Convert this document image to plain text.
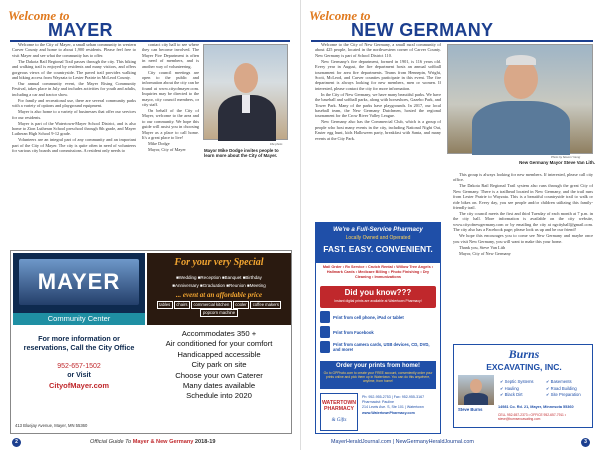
Welcome to
MAYER

Welcome to the City of Mayer, a small urban community in western Carver County and home to about 1,900 residents. Please feel free to visit Mayer and see what the community has to offer.

The Dakota Rail Regional Trail passes through the city. This biking and walking trail is enjoyed by residents and many visitors, and offers gorgeous views of the countryside. The paved trail provides walking and biking access from Wayzata to Lester Prairie in McLeod County.

Our annual community event, the Mayer Rising Community Festival, takes place in July and includes activities for youth and adults, including a car and tractor show.

For family and recreational use, there are several community parks with a variety of options and playground equipment.

Mayer is also home to a variety of businesses that offer our services for our residents.

Mayer is part of the Watertown-Mayer School District, and is also home to Zion Lutheran School preschool through 8th grade, and Mayer Lutheran High School 9-12 grade.

Volunteers are an integral part of any community and an important part of the City of Mayer. The city is quite often in need of volunteers for various city boards and commissions. A resident only needs to

contact city hall to see where they can become involved. The Mayer Fire Department is often in need of members, and is another way of volunteering.

City council meetings are open to the public and information about the city can be found at www.cityofmayer.com. Inquiries may be directed to the mayor, city council members, or city staff.

On behalf of the City of Mayer, welcome to the area and to our community. We hope this guide will assist you in choosing Mayer as a place to call home. It's a great place to live!

Mike Dodge

Mayor, City of Mayer

File photo
Mayor Mike Dodge invites people to learn more about the City of Mayer.
MAYER
Community Center
For more information or reservations, Call the City Office
952-657-1502
or Visit
CityofMayer.com
413 Bluejay Avenue, Mayer, MN 55360
For your very Special
■Wedding ■Reception ■Banquet ■Birthday
■Anniversary ■Graduation ■Reunion ■Meeting
... event at an affordable price
tables chairs commercial kitchen cooler coffee makerspopcorn machine
Accommodates 350 +
Air conditioned for your comfort
Handicapped accessible
City park on site
Choose your own Caterer
Many dates available
Schedule into 2020
2	Official Guide To Mayer & New Germany 2018-19
Welcome to
NEW GERMANY

Welcome to the City of New Germany, a small rural community of about 425 people, located in the northwestern corner of Carver County. New Germany is part of School District 110.

New Germany's fire department, formed in 1901, is 116 years old. Every year in August, the fire department hosts an annual softball tournament for area fire departments. Teams from Hennepin, Wright, Scott, McLeod, and Carver counties participate in this event. The fire department is always looking for new members, men or women. If interested, please contact the city for more information.

In the City of New Germany, we have many beautiful parks. We have the baseball and softball parks, along with horseshoes, Gazebo Park, and Tower Park. Many of the parks have playgrounds. In 2017, our local baseball team, the New Germany Dutchmen, hosted the regional tournament for the Crow River Valley League.

New Germany also has the Commercial Club, which is a group of people who host many events in the city, including National Night Out, Easter egg hunt, kids Halloween party, breakfast with Santa, and many events at the City Park.

Photo by Steven Young
New Germany Mayor Steve Van Lith.

This group is always looking for new members. If interested, please call city office.

The Dakota Rail Regional Trail system also runs through the great City of New Germany. There is a trailhead located in New Germany, and the trail runs from Lester Prairie to Wayzata. This is a beautiful countryside trail to walk or ride bikes on. Every day, you see people and/or children utilizing this family-friendly trail.

The city council meets the first and third Tuesday of each month at 7 p.m. in the city hall. More information is available on the city website, www.cityofnewgermany.com or by emailing the city at ngcityhall@gmail.com. The city also has a Facebook page; please look us up and be our friend!

We hope this encourages you to come see New Germany and maybe once you visit New Germany, you will want to make this your home.

Thank you, Steve Van Lith

Mayor, City of New Germany

We're a Full-Service Pharmacy
Locally Owned and Operated
FAST. EASY. CONVENIENT.
Mail Order • Rx Service • Crutch Rental • Willow Tree Angels • Hallmark Cards • Medicare Billing • Photo Finishing • Dry Cleaning • Immunizations
Did you know???
Instant digital prints are available at Watertown Pharmacy!
Print from cell phone, iPad or tablet
Print from Facebook
Print from camera cards, USB devices, CD, DVD, and more!
Order your prints from home!
Go to GPPhoto.com to create your FREE account, conveniently order your prints online and pick them up in Watertown. You can do this anywhere, anytime, from home!
WATERTOWN PHARMACY
& Gifts
Ph: 952-955-2753 | Fax: 952-955-3167
Pharmacist: Pauline
214 Lewis Ave. S, Ste 101 | Watertown
www.WatertownPharmacy.com
Burns
EXCAVATING, INC.
Steve Burns
✔ Septic Systems
✔ Hauling
✔ Black Dirt
✔ Basements
✔ Road Building
✔ Site Preparation
14981 Co. Rd. 21, Mayer, Minnesota 55360
CELL 952-657-2373 • OFFICE 952-657-7911 • steve@burnsexcavating.com
MayerHeraldJournal.com | NewGermanyHeraldJournal.com	3
